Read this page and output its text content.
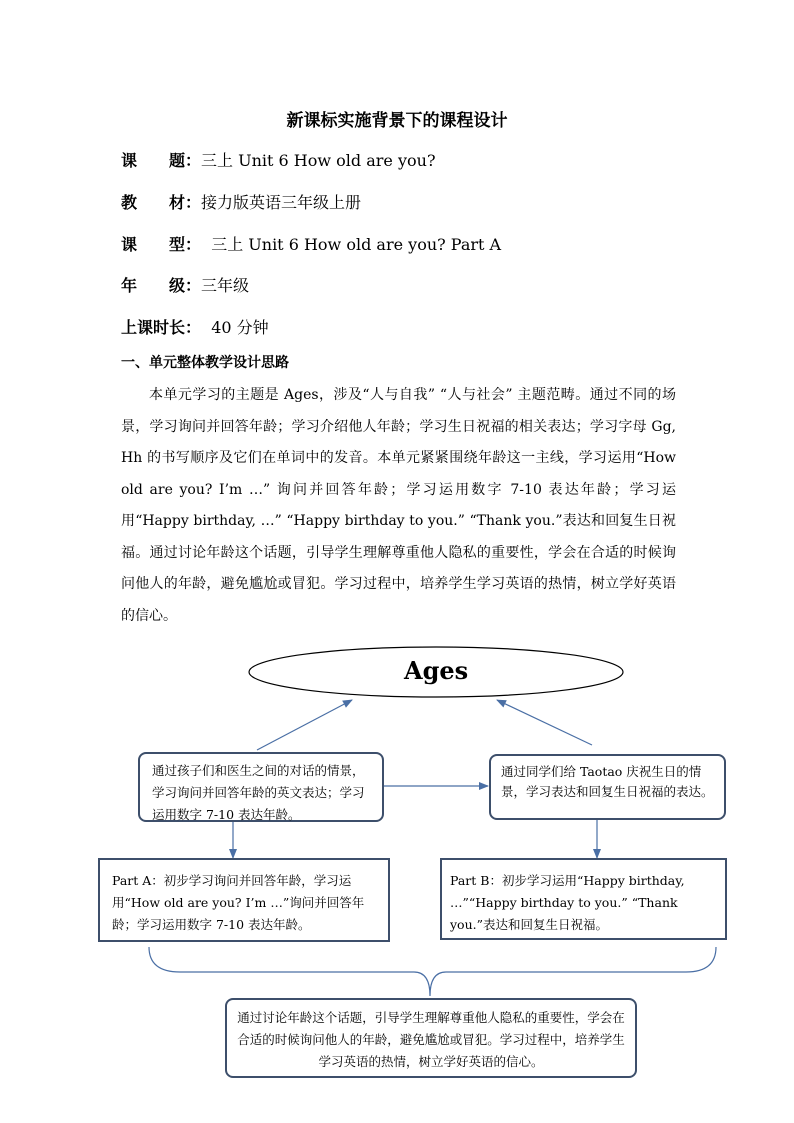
新课标实施背景下的课程设计
课　　题：三上 Unit 6 How old are you?
教　　材：接力版英语三年级上册
课　　型：  三上 Unit 6 How old are you? Part A
年　　级：三年级
上课时长：  40 分钟
一、单元整体教学设计思路
本单元学习的主题是 Ages，涉及“人与自我” “人与社会” 主题范畴。通过不同的场景，学习询问并回答年龄；学习介绍他人年龄；学习生日祝福的相关表达；学习字母 Gg, Hh 的书写顺序及它们在单词中的发音。本单元紧紧围绕年龄这一主线，学习运用“How old are you? I’m …” 询问并回答年龄；学习运用数字 7-10 表达年龄；学习运用“Happy birthday, …” “Happy birthday to you.” “Thank you.”表达和回复生日祝福。通过讨论年龄这个话题，引导学生理解尊重他人隐私的重要性，学会在合适的时候询问他人的年龄，避免尴尬或冒犯。学习过程中，培养学生学习英语的热情，树立学好英语的信心。
Ages
通过孩子们和医生之间的对话的情景，学习询问并回答年龄的英文表达；学习运用数字 7-10 表达年龄。
通过同学们给 Taotao 庆祝生日的情景，学习表达和回复生日祝福的表达。
Part A：初步学习询问并回答年龄，学习运用“How old are you? I’m …”询问并回答年龄；学习运用数字 7-10 表达年龄。
Part B：初步学习运用“Happy birthday, …”“Happy birthday to you.” “Thank you.”表达和回复生日祝福。
通过讨论年龄这个话题，引导学生理解尊重他人隐私的重要性，学会在合适的时候询问他人的年龄，避免尴尬或冒犯。学习过程中，培养学生学习英语的热情，树立学好英语的信心。
